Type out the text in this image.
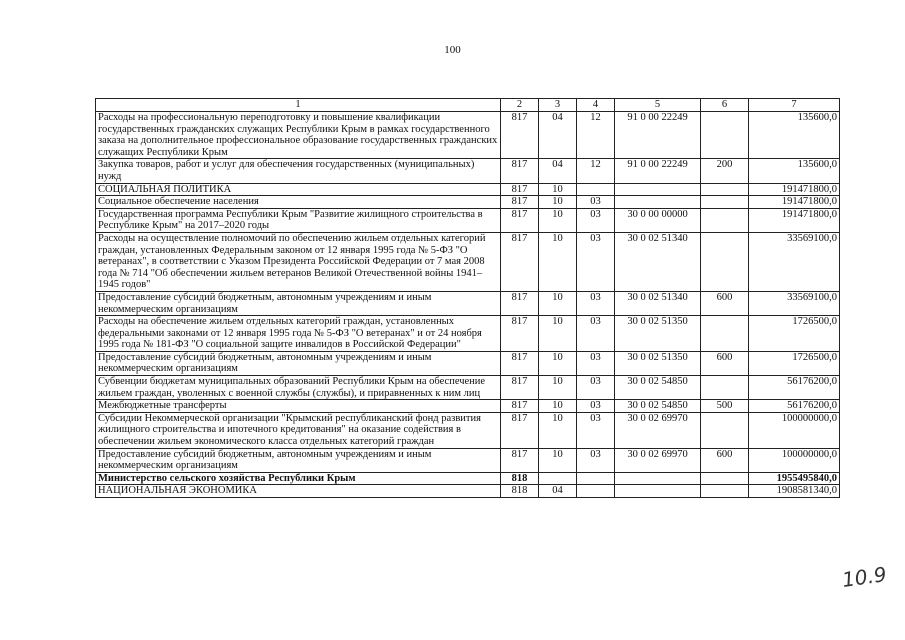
100
1	2	3	4	5	6	7
Расходы на профессиональную переподготовку и повышение квалификации государственных гражданских служащих Республики Крым в рамках государственного заказа на дополнительное профессиональное образование государственных гражданских служащих Республики Крым	817	04	12	91 0 00 22249		135600,0
Закупка товаров, работ и услуг для обеспечения государственных (муниципальных) нужд	817	04	12	91 0 00 22249	200	135600,0
СОЦИАЛЬНАЯ ПОЛИТИКА	817	10				191471800,0
Социальное обеспечение населения	817	10	03			191471800,0
Государственная программа Республики Крым "Развитие жилищного строительства в Республике Крым" на 2017–2020 годы	817	10	03	30 0 00 00000		191471800,0
Расходы на осуществление полномочий по обеспечению жильем отдельных категорий граждан, установленных Федеральным законом от 12 января 1995 года № 5-ФЗ "О ветеранах", в соответствии с Указом Президента Российской Федерации от 7 мая 2008 года № 714 "Об обеспечении жильем ветеранов Великой Отечественной войны 1941–1945 годов"	817	10	03	30 0 02 51340		33569100,0
Предоставление субсидий бюджетным, автономным учреждениям и иным некоммерческим организациям	817	10	03	30 0 02 51340	600	33569100,0
Расходы на обеспечение жильем отдельных категорий граждан, установленных федеральными законами от 12 января 1995 года № 5-ФЗ "О ветеранах" и от 24 ноября 1995 года № 181-ФЗ "О социальной защите инвалидов в Российской Федерации"	817	10	03	30 0 02 51350		1726500,0
Предоставление субсидий бюджетным, автономным учреждениям и иным некоммерческим организациям	817	10	03	30 0 02 51350	600	1726500,0
Субвенции бюджетам муниципальных образований Республики Крым на обеспечение жильем граждан, уволенных с военной службы (службы), и приравненных к ним лиц	817	10	03	30 0 02 54850		56176200,0
Межбюджетные трансферты	817	10	03	30 0 02 54850	500	56176200,0
Субсидии Некоммерческой организации "Крымский республиканский фонд развития жилищного строительства и ипотечного кредитования" на оказание содействия в обеспечении жильем экономического класса отдельных категорий граждан	817	10	03	30 0 02 69970		100000000,0
Предоставление субсидий бюджетным, автономным учреждениям и иным некоммерческим организациям	817	10	03	30 0 02 69970	600	100000000,0
Министерство сельского хозяйства Республики Крым	818					1955495840,0
НАЦИОНАЛЬНАЯ ЭКОНОМИКА	818	04				1908581340,0
10.9
